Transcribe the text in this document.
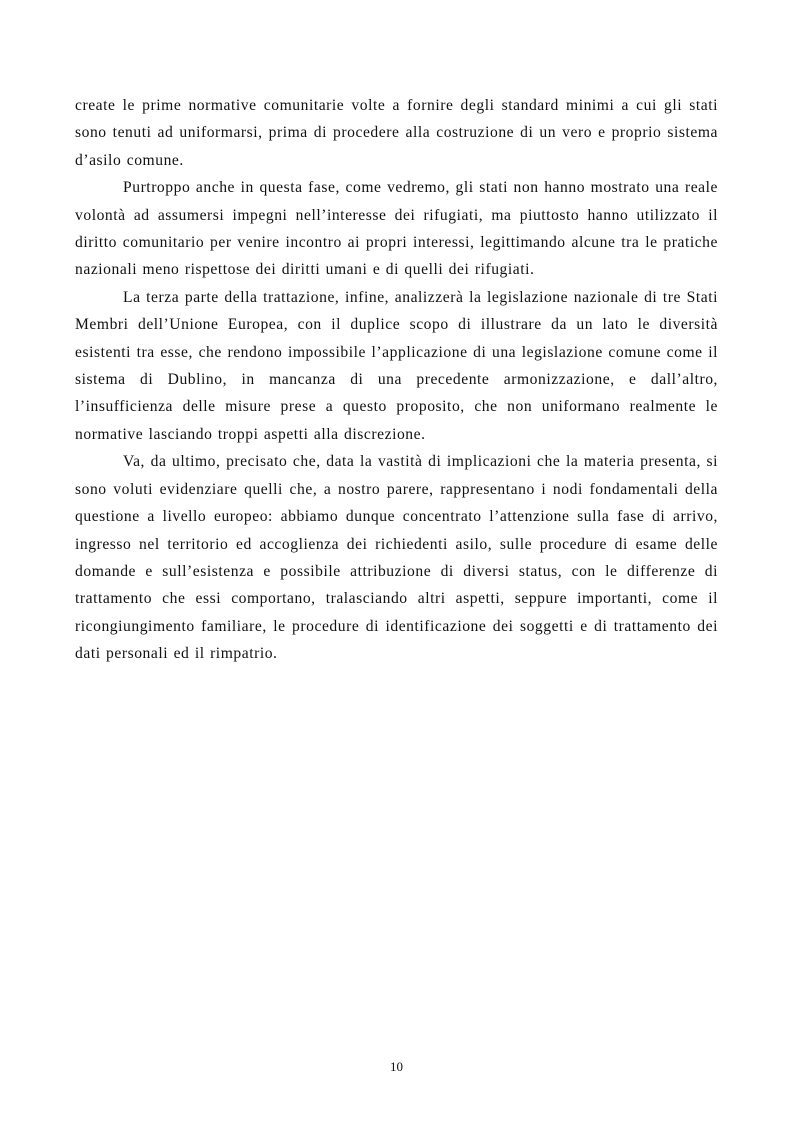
create le prime normative comunitarie volte a fornire degli standard minimi a cui gli stati sono tenuti ad uniformarsi, prima di procedere alla costruzione di un vero e proprio sistema d’asilo comune.

Purtroppo anche in questa fase, come vedremo, gli stati non hanno mostrato una reale volontà ad assumersi impegni nell’interesse dei rifugiati, ma piuttosto hanno utilizzato il diritto comunitario per venire incontro ai propri interessi, legittimando alcune tra le pratiche nazionali meno rispettose dei diritti umani e di quelli dei rifugiati.

La terza parte della trattazione, infine, analizzerà la legislazione nazionale di tre Stati Membri dell’Unione Europea, con il duplice scopo di illustrare da un lato le diversità esistenti tra esse, che rendono impossibile l’applicazione di una legislazione comune come il sistema di Dublino, in mancanza di una precedente armonizzazione, e dall’altro, l’insufficienza delle misure prese a questo proposito, che non uniformano realmente le normative lasciando troppi aspetti alla discrezione.

Va, da ultimo, precisato che, data la vastità di implicazioni che la materia presenta, si sono voluti evidenziare quelli che, a nostro parere, rappresentano i nodi fondamentali della questione a livello europeo: abbiamo dunque concentrato l’attenzione sulla fase di arrivo, ingresso nel territorio ed accoglienza dei richiedenti asilo, sulle procedure di esame delle domande e sull’esistenza e possibile attribuzione di diversi status, con le differenze di trattamento che essi comportano, tralasciando altri aspetti, seppure importanti, come il ricongiungimento familiare, le procedure di identificazione dei soggetti e di trattamento dei dati personali ed il rimpatrio.

10
